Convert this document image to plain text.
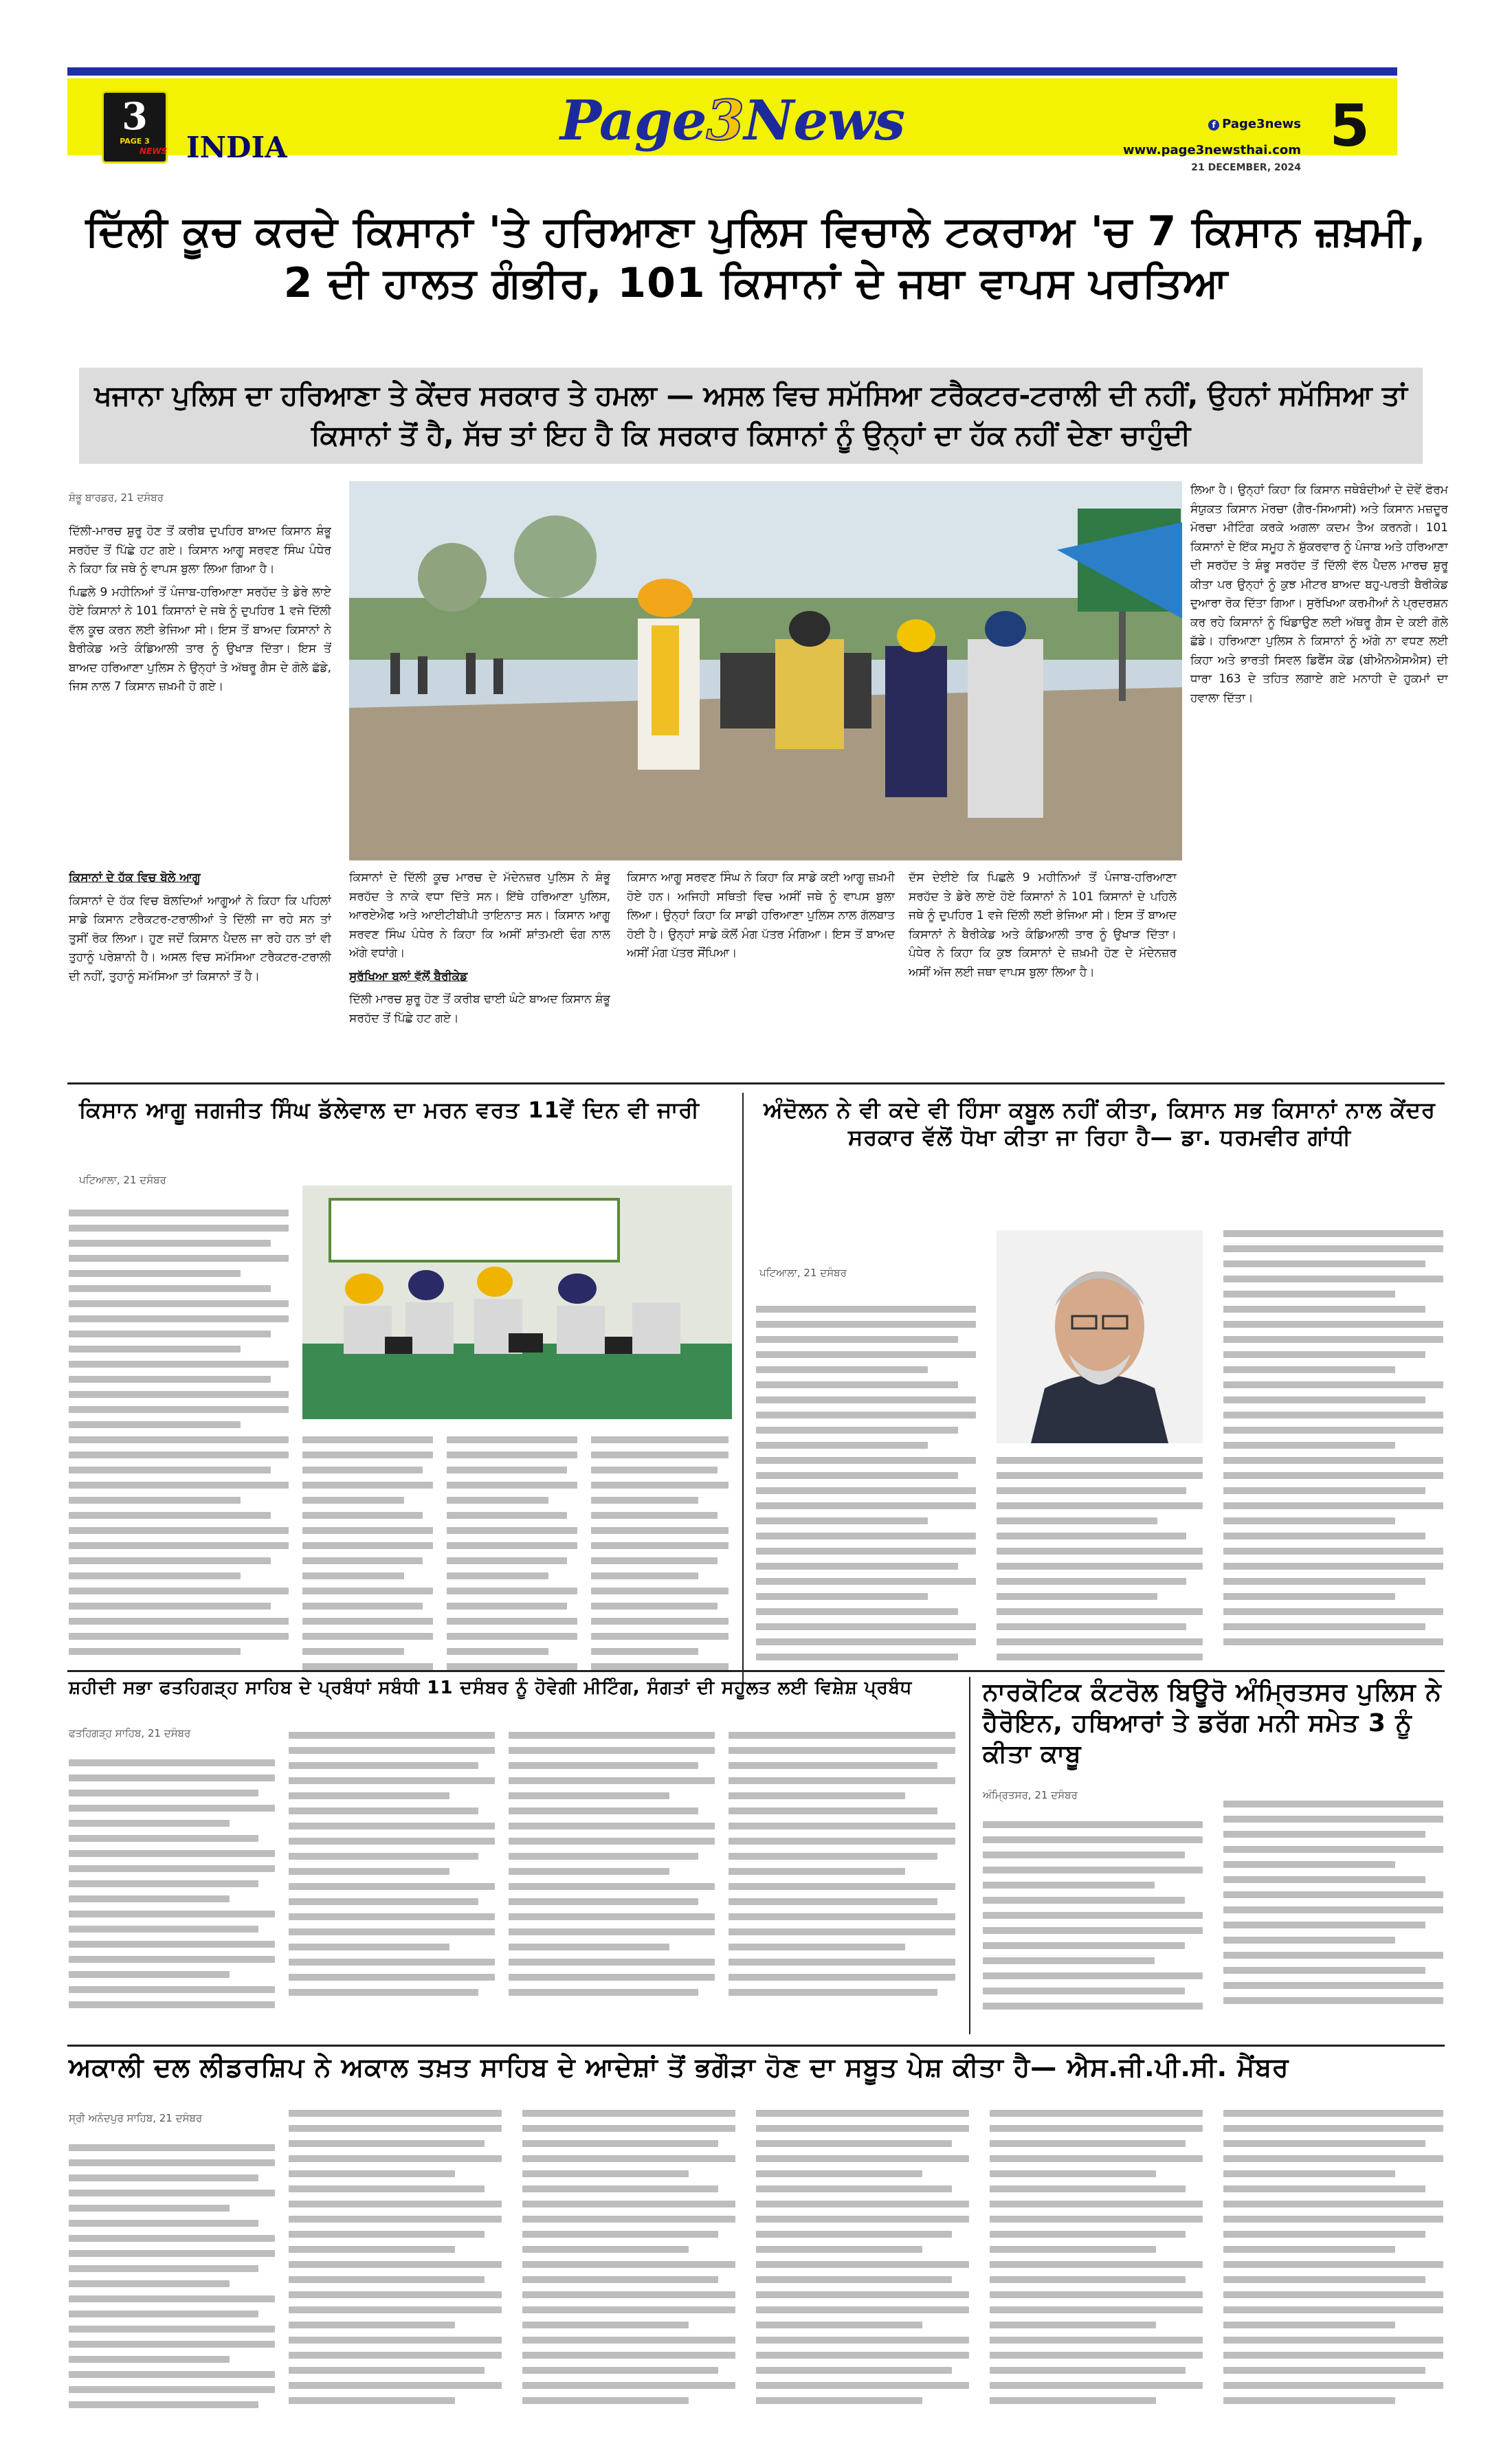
3
PAGE 3
NEWS INDIA	Page3News	f Page3news
www.page3newsthai.com
21 DECEMBER, 2024
5
ਦਿੱਲੀ ਕੂਚ ਕਰਦੇ ਕਿਸਾਨਾਂ 'ਤੇ ਹਰਿਆਣਾ ਪੁਲਿਸ ਵਿਚਾਲੇ ਟਕਰਾਅ 'ਚ 7 ਕਿਸਾਨ ਜ਼ਖ਼ਮੀ, 2 ਦੀ ਹਾਲਤ ਗੰਭੀਰ, 101 ਕਿਸਾਨਾਂ ਦੇ ਜਥਾ ਵਾਪਸ ਪਰਤਿਆ
ਖਜਾਨਾ ਪੁਲਿਸ ਦਾ ਹਰਿਆਣਾ ਤੇ ਕੇਂਦਰ ਸਰਕਾਰ ਤੇ ਹਮਲਾ — ਅਸਲ ਵਿਚ ਸਮੱਸਿਆ ਟਰੈਕਟਰ-ਟਰਾਲੀ ਦੀ ਨਹੀਂ, ਉਹਨਾਂ ਸਮੱਸਿਆ ਤਾਂ ਕਿਸਾਨਾਂ ਤੋਂ ਹੈ, ਸੱਚ ਤਾਂ ਇਹ ਹੈ ਕਿ ਸਰਕਾਰ ਕਿਸਾਨਾਂ ਨੂੰ ਉਨ੍ਹਾਂ ਦਾ ਹੱਕ ਨਹੀਂ ਦੇਣਾ ਚਾਹੁੰਦੀ
ਸ਼ੰਭੂ ਬਾਰਡਰ, 21 ਦਸੰਬਰ

ਦਿੱਲੀ-ਮਾਰਚ ਸ਼ੁਰੂ ਹੋਣ ਤੋਂ ਕਰੀਬ ਦੁਪਹਿਰ ਬਾਅਦ ਕਿਸਾਨ ਸ਼ੰਭੂ ਸਰਹੱਦ ਤੋਂ ਪਿੱਛੇ ਹਟ ਗਏ। ਕਿਸਾਨ ਆਗੂ ਸਰਵਣ ਸਿੰਘ ਪੰਧੇਰ ਨੇ ਕਿਹਾ ਕਿ ਜਥੇ ਨੂੰ ਵਾਪਸ ਬੁਲਾ ਲਿਆ ਗਿਆ ਹੈ।

ਪਿਛਲੇ 9 ਮਹੀਨਿਆਂ ਤੋਂ ਪੰਜਾਬ-ਹਰਿਆਣਾ ਸਰਹੱਦ ਤੇ ਡੇਰੇ ਲਾਏ ਹੋਏ ਕਿਸਾਨਾਂ ਨੇ 101 ਕਿਸਾਨਾਂ ਦੇ ਜਥੇ ਨੂੰ ਦੁਪਹਿਰ 1 ਵਜੇ ਦਿੱਲੀ ਵੱਲ ਕੂਚ ਕਰਨ ਲਈ ਭੇਜਿਆ ਸੀ। ਇਸ ਤੋਂ ਬਾਅਦ ਕਿਸਾਨਾਂ ਨੇ ਬੈਰੀਕੇਡ ਅਤੇ ਕੰਡਿਆਲੀ ਤਾਰ ਨੂੰ ਉਖਾੜ ਦਿੱਤਾ। ਇਸ ਤੋਂ ਬਾਅਦ ਹਰਿਆਣਾ ਪੁਲਿਸ ਨੇ ਉਨ੍ਹਾਂ ਤੇ ਅੱਥਰੂ ਗੈਸ ਦੇ ਗੋਲੇ ਛੱਡੇ, ਜਿਸ ਨਾਲ 7 ਕਿਸਾਨ ਜ਼ਖ਼ਮੀ ਹੋ ਗਏ।

ਕਿਸਾਨਾਂ ਦੇ ਹੱਕ ਵਿਚ ਬੋਲੇ ਆਗੂ

ਕਿਸਾਨਾਂ ਦੇ ਹੱਕ ਵਿਚ ਬੋਲਦਿਆਂ ਆਗੂਆਂ ਨੇ ਕਿਹਾ ਕਿ ਪਹਿਲਾਂ ਸਾਡੇ ਕਿਸਾਨ ਟਰੈਕਟਰ-ਟਰਾਲੀਆਂ ਤੇ ਦਿੱਲੀ ਜਾ ਰਹੇ ਸਨ ਤਾਂ ਤੁਸੀਂ ਰੋਕ ਲਿਆ। ਹੁਣ ਜਦੋਂ ਕਿਸਾਨ ਪੈਦਲ ਜਾ ਰਹੇ ਹਨ ਤਾਂ ਵੀ ਤੁਹਾਨੂੰ ਪਰੇਸ਼ਾਨੀ ਹੈ। ਅਸਲ ਵਿਚ ਸਮੱਸਿਆ ਟਰੈਕਟਰ-ਟਰਾਲੀ ਦੀ ਨਹੀਂ, ਤੁਹਾਨੂੰ ਸਮੱਸਿਆ ਤਾਂ ਕਿਸਾਨਾਂ ਤੋਂ ਹੈ।

ਕਿਸਾਨਾਂ ਦੇ ਦਿੱਲੀ ਕੂਚ ਮਾਰਚ ਦੇ ਮੱਦੇਨਜ਼ਰ ਪੁਲਿਸ ਨੇ ਸ਼ੰਭੂ ਸਰਹੱਦ ਤੇ ਨਾਕੇ ਵਧਾ ਦਿੱਤੇ ਸਨ। ਇੱਥੇ ਹਰਿਆਣਾ ਪੁਲਿਸ, ਆਰਏਐਫ ਅਤੇ ਆਈਟੀਬੀਪੀ ਤਾਇਨਾਤ ਸਨ। ਕਿਸਾਨ ਆਗੂ ਸਰਵਣ ਸਿੰਘ ਪੰਧੇਰ ਨੇ ਕਿਹਾ ਕਿ ਅਸੀਂ ਸ਼ਾਂਤਮਈ ਢੰਗ ਨਾਲ ਅੱਗੇ ਵਧਾਂਗੇ।

ਸੁਰੱਖਿਆ ਬਲਾਂ ਵੱਲੋਂ ਬੈਰੀਕੇਡ

ਦਿੱਲੀ ਮਾਰਚ ਸ਼ੁਰੂ ਹੋਣ ਤੋਂ ਕਰੀਬ ਢਾਈ ਘੰਟੇ ਬਾਅਦ ਕਿਸਾਨ ਸ਼ੰਭੂ ਸਰਹੱਦ ਤੋਂ ਪਿੱਛੇ ਹਟ ਗਏ।

ਕਿਸਾਨ ਆਗੂ ਸਰਵਣ ਸਿੰਘ ਨੇ ਕਿਹਾ ਕਿ ਸਾਡੇ ਕਈ ਆਗੂ ਜ਼ਖ਼ਮੀ ਹੋਏ ਹਨ। ਅਜਿਹੀ ਸਥਿਤੀ ਵਿਚ ਅਸੀਂ ਜਥੇ ਨੂੰ ਵਾਪਸ ਬੁਲਾ ਲਿਆ। ਉਨ੍ਹਾਂ ਕਿਹਾ ਕਿ ਸਾਡੀ ਹਰਿਆਣਾ ਪੁਲਿਸ ਨਾਲ ਗੱਲਬਾਤ ਹੋਈ ਹੈ। ਉਨ੍ਹਾਂ ਸਾਡੇ ਕੋਲੋਂ ਮੰਗ ਪੱਤਰ ਮੰਗਿਆ। ਇਸ ਤੋਂ ਬਾਅਦ ਅਸੀਂ ਮੰਗ ਪੱਤਰ ਸੌਂਪਿਆ।

ਦੱਸ ਦੇਈਏ ਕਿ ਪਿਛਲੇ 9 ਮਹੀਨਿਆਂ ਤੋਂ ਪੰਜਾਬ-ਹਰਿਆਣਾ ਸਰਹੱਦ ਤੇ ਡੇਰੇ ਲਾਏ ਹੋਏ ਕਿਸਾਨਾਂ ਨੇ 101 ਕਿਸਾਨਾਂ ਦੇ ਪਹਿਲੇ ਜਥੇ ਨੂੰ ਦੁਪਹਿਰ 1 ਵਜੇ ਦਿੱਲੀ ਲਈ ਭੇਜਿਆ ਸੀ। ਇਸ ਤੋਂ ਬਾਅਦ ਕਿਸਾਨਾਂ ਨੇ ਬੈਰੀਕੇਡ ਅਤੇ ਕੰਡਿਆਲੀ ਤਾਰ ਨੂੰ ਉਖਾੜ ਦਿੱਤਾ। ਪੰਧੇਰ ਨੇ ਕਿਹਾ ਕਿ ਕੁਝ ਕਿਸਾਨਾਂ ਦੇ ਜ਼ਖ਼ਮੀ ਹੋਣ ਦੇ ਮੱਦੇਨਜ਼ਰ ਅਸੀਂ ਅੱਜ ਲਈ ਜਥਾ ਵਾਪਸ ਬੁਲਾ ਲਿਆ ਹੈ।

ਲਿਆ ਹੈ। ਉਨ੍ਹਾਂ ਕਿਹਾ ਕਿ ਕਿਸਾਨ ਜਥੇਬੰਦੀਆਂ ਦੇ ਦੋਵੇਂ ਫੋਰਮ ਸੰਯੁਕਤ ਕਿਸਾਨ ਮੋਰਚਾ (ਗੈਰ-ਸਿਆਸੀ) ਅਤੇ ਕਿਸਾਨ ਮਜ਼ਦੂਰ ਮੋਰਚਾ ਮੀਟਿੰਗ ਕਰਕੇ ਅਗਲਾ ਕਦਮ ਤੈਅ ਕਰਨਗੇ। 101 ਕਿਸਾਨਾਂ ਦੇ ਇੱਕ ਸਮੂਹ ਨੇ ਸ਼ੁੱਕਰਵਾਰ ਨੂੰ ਪੰਜਾਬ ਅਤੇ ਹਰਿਆਣਾ ਦੀ ਸਰਹੱਦ ਤੇ ਸ਼ੰਭੂ ਸਰਹੱਦ ਤੋਂ ਦਿੱਲੀ ਵੱਲ ਪੈਦਲ ਮਾਰਚ ਸ਼ੁਰੂ ਕੀਤਾ ਪਰ ਉਨ੍ਹਾਂ ਨੂੰ ਕੁਝ ਮੀਟਰ ਬਾਅਦ ਬਹੁ-ਪਰਤੀ ਬੈਰੀਕੇਡ ਦੁਆਰਾ ਰੋਕ ਦਿੱਤਾ ਗਿਆ। ਸੁਰੱਖਿਆ ਕਰਮੀਆਂ ਨੇ ਪ੍ਰਦਰਸ਼ਨ ਕਰ ਰਹੇ ਕਿਸਾਨਾਂ ਨੂੰ ਖਿੰਡਾਉਣ ਲਈ ਅੱਥਰੂ ਗੈਸ ਦੇ ਕਈ ਗੋਲੇ ਛੱਡੇ। ਹਰਿਆਣਾ ਪੁਲਿਸ ਨੇ ਕਿਸਾਨਾਂ ਨੂੰ ਅੱਗੇ ਨਾ ਵਧਣ ਲਈ ਕਿਹਾ ਅਤੇ ਭਾਰਤੀ ਸਿਵਲ ਡਿਫੈਂਸ ਕੋਡ (ਬੀਐਨਐਸਐਸ) ਦੀ ਧਾਰਾ 163 ਦੇ ਤਹਿਤ ਲਗਾਏ ਗਏ ਮਨਾਹੀ ਦੇ ਹੁਕਮਾਂ ਦਾ ਹਵਾਲਾ ਦਿੱਤਾ।

ਕਿਸਾਨ ਆਗੂ ਜਗਜੀਤ ਸਿੰਘ ਡੱਲੇਵਾਲ ਦਾ ਮਰਨ ਵਰਤ 11ਵੇਂ ਦਿਨ ਵੀ ਜਾਰੀ
ਪਟਿਆਲਾ, 21 ਦਸੰਬਰ
ਅੰਦੋਲਨ ਨੇ ਵੀ ਕਦੇ ਵੀ ਹਿੰਸਾ ਕਬੂਲ ਨਹੀਂ ਕੀਤਾ, ਕਿਸਾਨ ਸਭ ਕਿਸਾਨਾਂ ਨਾਲ ਕੇਂਦਰ ਸਰਕਾਰ ਵੱਲੋਂ ਧੋਖਾ ਕੀਤਾ ਜਾ ਰਿਹਾ ਹੈ— ਡਾ. ਧਰਮਵੀਰ ਗਾਂਧੀ
ਪਟਿਆਲਾ, 21 ਦਸੰਬਰ
ਸ਼ਹੀਦੀ ਸਭਾ ਫਤਹਿਗੜ੍ਹ ਸਾਹਿਬ ਦੇ ਪ੍ਰਬੰਧਾਂ ਸਬੰਧੀ 11 ਦਸੰਬਰ ਨੂੰ ਹੋਵੇਗੀ ਮੀਟਿੰਗ, ਸੰਗਤਾਂ ਦੀ ਸਹੂਲਤ ਲਈ ਵਿਸ਼ੇਸ਼ ਪ੍ਰਬੰਧ
ਫਤਹਿਗੜ੍ਹ ਸਾਹਿਬ, 21 ਦਸੰਬਰ
ਨਾਰਕੋਟਿਕ ਕੰਟਰੋਲ ਬਿਊਰੋ ਅੰਮ੍ਰਿਤਸਰ ਪੁਲਿਸ ਨੇ ਹੈਰੋਇਨ, ਹਥਿਆਰਾਂ ਤੇ ਡਰੱਗ ਮਨੀ ਸਮੇਤ 3 ਨੂੰ ਕੀਤਾ ਕਾਬੂ
ਅੰਮ੍ਰਿਤਸਰ, 21 ਦਸੰਬਰ
ਅਕਾਲੀ ਦਲ ਲੀਡਰਸ਼ਿਪ ਨੇ ਅਕਾਲ ਤਖ਼ਤ ਸਾਹਿਬ ਦੇ ਆਦੇਸ਼ਾਂ ਤੋਂ ਭਗੌੜਾ ਹੋਣ ਦਾ ਸਬੂਤ ਪੇਸ਼ ਕੀਤਾ ਹੈ— ਐਸ.ਜੀ.ਪੀ.ਸੀ. ਮੈਂਬਰ
ਸ੍ਰੀ ਅਨੰਦਪੁਰ ਸਾਹਿਬ, 21 ਦਸੰਬਰ
